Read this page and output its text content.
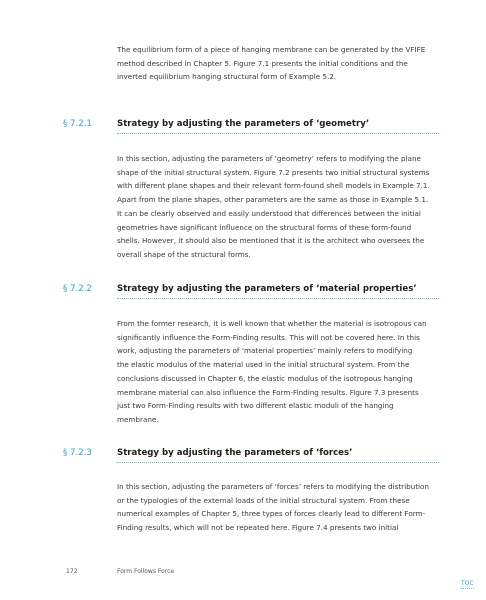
The equilibrium form of a piece of hanging membrane can be generated by the VFIFE
method described in Chapter 5. Figure 7.1 presents the initial conditions and the
inverted equilibrium hanging structural form of Example 5.2.

§ 7.2.1	Strategy by adjusting the parameters of ‘geometry’

In this section, adjusting the parameters of ‘geometry’ refers to modifying the plane
shape of the initial structural system. Figure 7.2 presents two initial structural systems
with different plane shapes and their relevant form-found shell models in Example 7.1.
Apart from the plane shapes, other parameters are the same as those in Example 5.1.
It can be clearly observed and easily understood that differences between the initial
geometries have significant influence on the structural forms of these form-found
shells. However, it should also be mentioned that it is the architect who oversees the
overall shape of the structural forms.

§ 7.2.2	Strategy by adjusting the parameters of ‘material properties’

From the former research, it is well known that whether the material is isotropous can
significantly influence the Form-Finding results. This will not be covered here. In this
work, adjusting the parameters of ‘material properties’ mainly refers to modifying
the elastic modulus of the material used in the initial structural system. From the
conclusions discussed in Chapter 6, the elastic modulus of the isotropous hanging
membrane material can also influence the Form-Finding results. Figure 7.3 presents
just two Form-Finding results with two different elastic moduli of the hanging
membrane.

§ 7.2.3	Strategy by adjusting the parameters of ‘forces’

In this section, adjusting the parameters of ‘forces’ refers to modifying the distribution
or the typologies of the external loads of the initial structural system. From these
numerical examples of Chapter 5, three types of forces clearly lead to different Form-
Finding results, which will not be repeated here. Figure 7.4 presents two initial

172	Form Follows Force
TOC
